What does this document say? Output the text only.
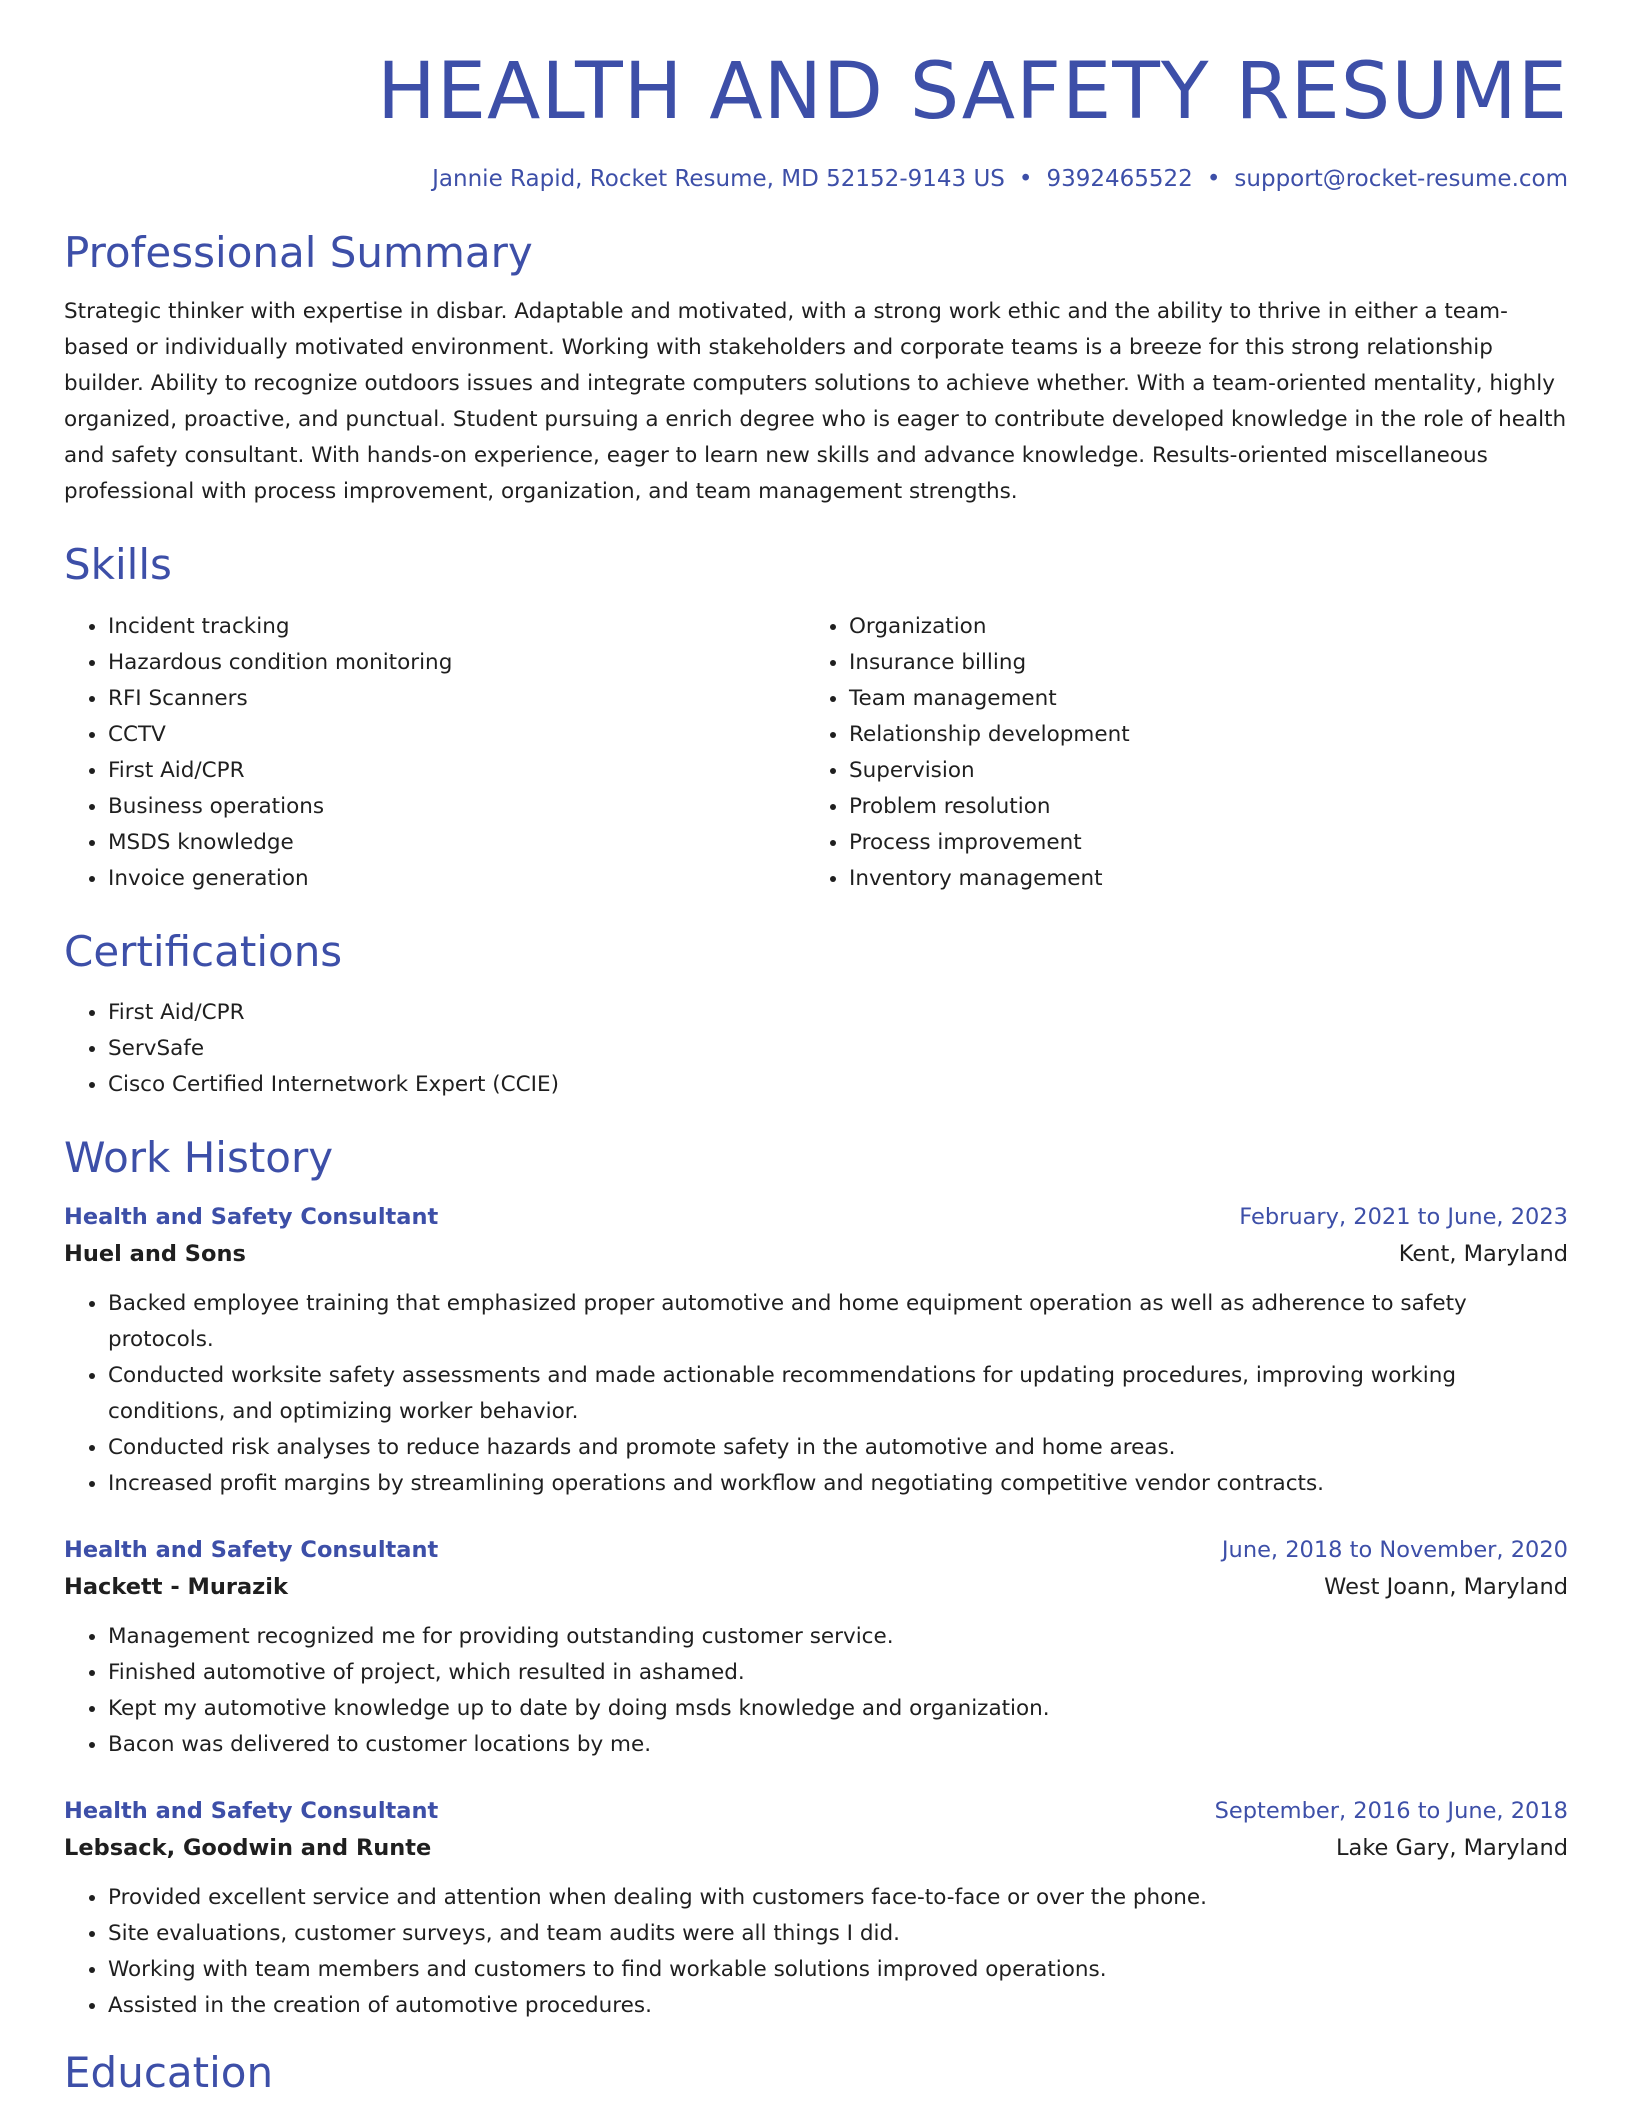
HEALTH AND SAFETY RESUME
Jannie Rapid, Rocket Resume, MD 52152-9143 US • 9392465522 • support@rocket-resume.com
Professional Summary

Strategic thinker with expertise in disbar. Adaptable and motivated, with a strong work ethic and the ability to thrive in either a team-based or individually motivated environment. Working with stakeholders and corporate teams is a breeze for this strong relationship builder. Ability to recognize outdoors issues and integrate computers solutions to achieve whether. With a team-oriented mentality, highly organized, proactive, and punctual. Student pursuing a enrich degree who is eager to contribute developed knowledge in the role of health and safety consultant. With hands-on experience, eager to learn new skills and advance knowledge. Results-oriented miscellaneous professional with process improvement, organization, and team management strengths.

Skills
• Incident tracking
• Hazardous condition monitoring
• RFI Scanners
• CCTV
• First Aid/CPR
• Business operations
• MSDS knowledge
• Invoice generation
• Organization
• Insurance billing
• Team management
• Relationship development
• Supervision
• Problem resolution
• Process improvement
• Inventory management
Certifications
• First Aid/CPR
• ServSafe
• Cisco Certified Internetwork Expert (CCIE)
Work History
Health and Safety Consultant	February, 2021 to June, 2023
Huel and Sons	Kent, Maryland
• Backed employee training that emphasized proper automotive and home equipment operation as well as adherence to safety protocols.
• Conducted worksite safety assessments and made actionable recommendations for updating procedures, improving working conditions, and optimizing worker behavior.
• Conducted risk analyses to reduce hazards and promote safety in the automotive and home areas.
• Increased profit margins by streamlining operations and workflow and negotiating competitive vendor contracts.
Health and Safety Consultant	June, 2018 to November, 2020
Hackett - Murazik	West Joann, Maryland
• Management recognized me for providing outstanding customer service.
• Finished automotive of project, which resulted in ashamed.
• Kept my automotive knowledge up to date by doing msds knowledge and organization.
• Bacon was delivered to customer locations by me.
Health and Safety Consultant	September, 2016 to June, 2018
Lebsack, Goodwin and Runte	Lake Gary, Maryland
• Provided excellent service and attention when dealing with customers face-to-face or over the phone.
• Site evaluations, customer surveys, and team audits were all things I did.
• Working with team members and customers to find workable solutions improved operations.
• Assisted in the creation of automotive procedures.
Education
